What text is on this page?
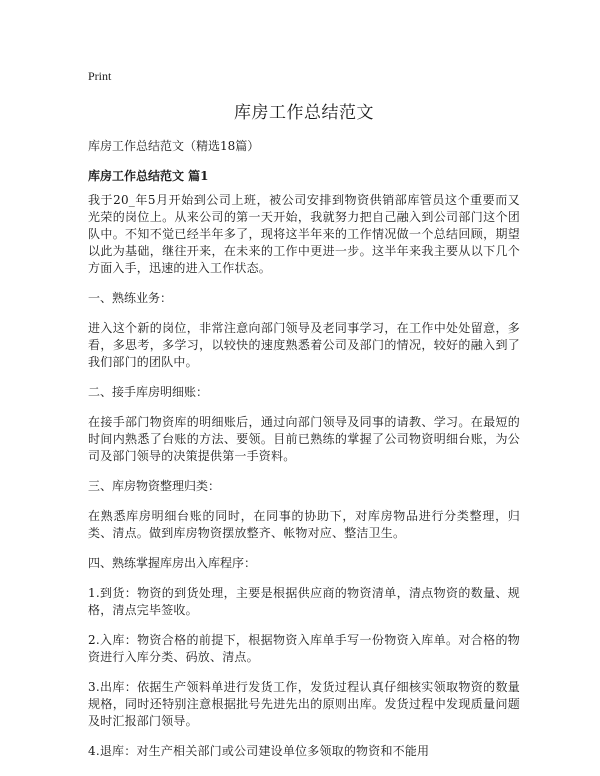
Print
库房工作总结范文
库房工作总结范文（精选18篇）
库房工作总结范文 篇1

我于20_年5月开始到公司上班，被公司安排到物资供销部库管员这个重要而又光荣的岗位上。从来公司的第一天开始，我就努力把自己融入到公司部门这个团队中。不知不觉已经半年多了，现将这半年来的工作情况做一个总结回顾，期望以此为基础，继往开来，在未来的工作中更进一步。这半年来我主要从以下几个方面入手，迅速的进入工作状态。

一、熟练业务：

进入这个新的岗位，非常注意向部门领导及老同事学习，在工作中处处留意，多看，多思考，多学习，以较快的速度熟悉着公司及部门的情况，较好的融入到了我们部门的团队中。

二、接手库房明细账：

在接手部门物资库的明细账后，通过向部门领导及同事的请教、学习。在最短的时间内熟悉了台账的方法、要领。目前已熟练的掌握了公司物资明细台账，为公司及部门领导的决策提供第一手资料。

三、库房物资整理归类：

在熟悉库房明细台账的同时，在同事的协助下，对库房物品进行分类整理，归类、清点。做到库房物资摆放整齐、帐物对应、整洁卫生。

四、熟练掌握库房出入库程序：

1.到货：物资的到货处理，主要是根据供应商的物资清单，清点物资的数量、规格，清点完毕签收。

2.入库：物资合格的前提下，根据物资入库单手写一份物资入库单。对合格的物资进行入库分类、码放、清点。

3.出库：依据生产领料单进行发货工作，发货过程认真仔细核实领取物资的数量规格，同时还特别注意根据批号先进先出的原则出库。发货过程中发现质量问题及时汇报部门领导。

4.退库：对生产相关部门或公司建设单位多领取的物资和不能用
